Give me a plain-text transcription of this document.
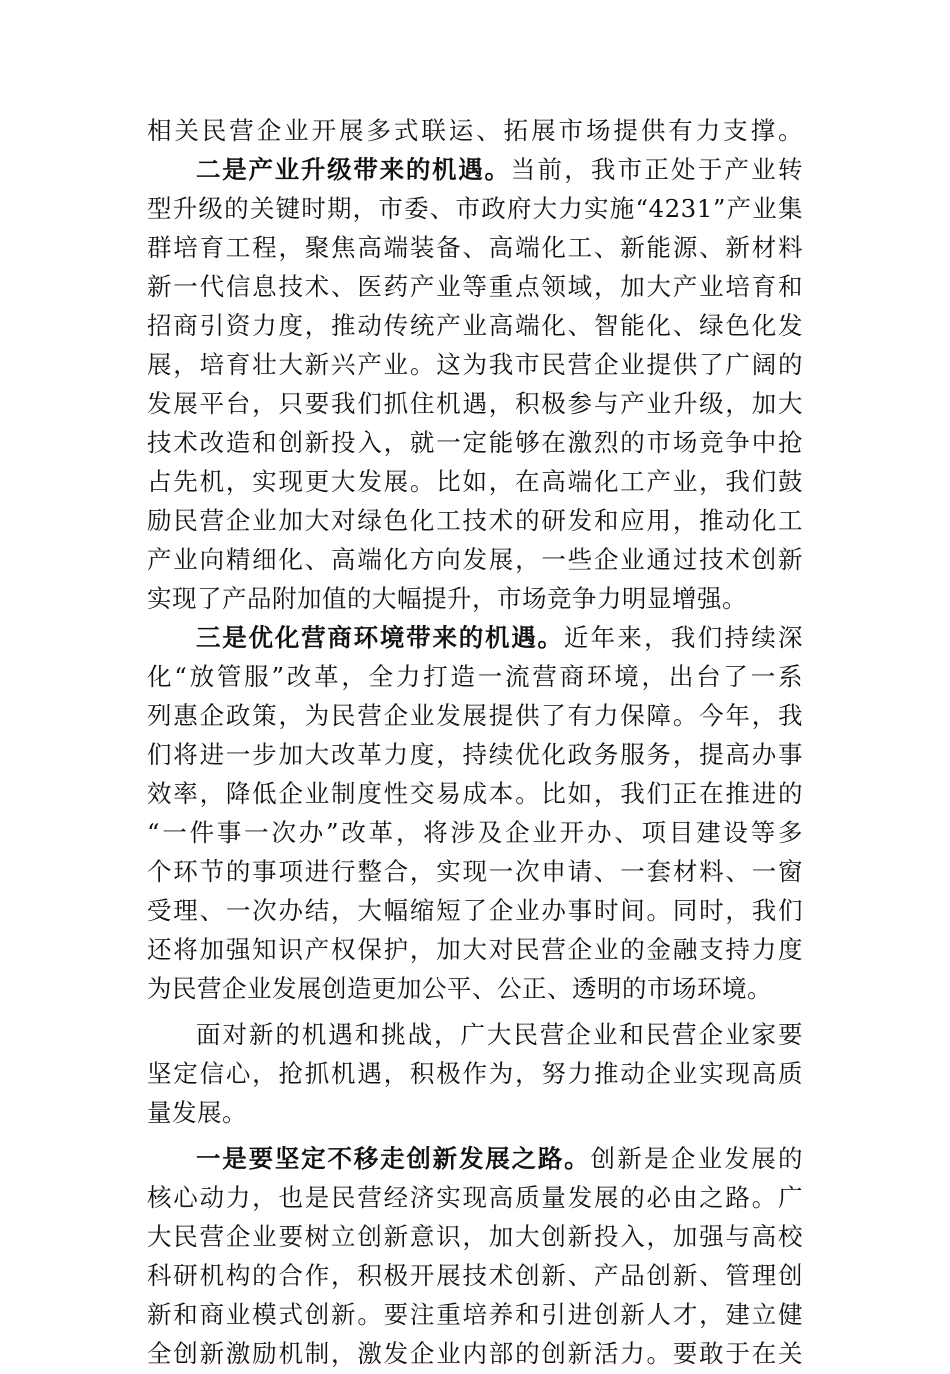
相关民营企业开展多式联运、拓展市场提供有力支撑。
二是产业升级带来的机遇。当前，我市正处于产业转
型升级的关键时期，市委、市政府大力实施“4231”产业集
群培育工程，聚焦高端装备、高端化工、新能源、新材料
新一代信息技术、医药产业等重点领域，加大产业培育和
招商引资力度，推动传统产业高端化、智能化、绿色化发
展，培育壮大新兴产业。这为我市民营企业提供了广阔的
发展平台，只要我们抓住机遇，积极参与产业升级，加大
技术改造和创新投入，就一定能够在激烈的市场竞争中抢
占先机，实现更大发展。比如，在高端化工产业，我们鼓
励民营企业加大对绿色化工技术的研发和应用，推动化工
产业向精细化、高端化方向发展，一些企业通过技术创新
实现了产品附加值的大幅提升，市场竞争力明显增强。
三是优化营商环境带来的机遇。近年来，我们持续深
化“放管服”改革，全力打造一流营商环境，出台了一系
列惠企政策，为民营企业发展提供了有力保障。今年，我
们将进一步加大改革力度，持续优化政务服务，提高办事
效率，降低企业制度性交易成本。比如，我们正在推进的
“一件事一次办”改革，将涉及企业开办、项目建设等多
个环节的事项进行整合，实现一次申请、一套材料、一窗
受理、一次办结，大幅缩短了企业办事时间。同时，我们
还将加强知识产权保护，加大对民营企业的金融支持力度
为民营企业发展创造更加公平、公正、透明的市场环境。
面对新的机遇和挑战，广大民营企业和民营企业家要
坚定信心，抢抓机遇，积极作为，努力推动企业实现高质
量发展。
一是要坚定不移走创新发展之路。创新是企业发展的
核心动力，也是民营经济实现高质量发展的必由之路。广
大民营企业要树立创新意识，加大创新投入，加强与高校
科研机构的合作，积极开展技术创新、产品创新、管理创
新和商业模式创新。要注重培养和引进创新人才，建立健
全创新激励机制，激发企业内部的创新活力。要敢于在关
